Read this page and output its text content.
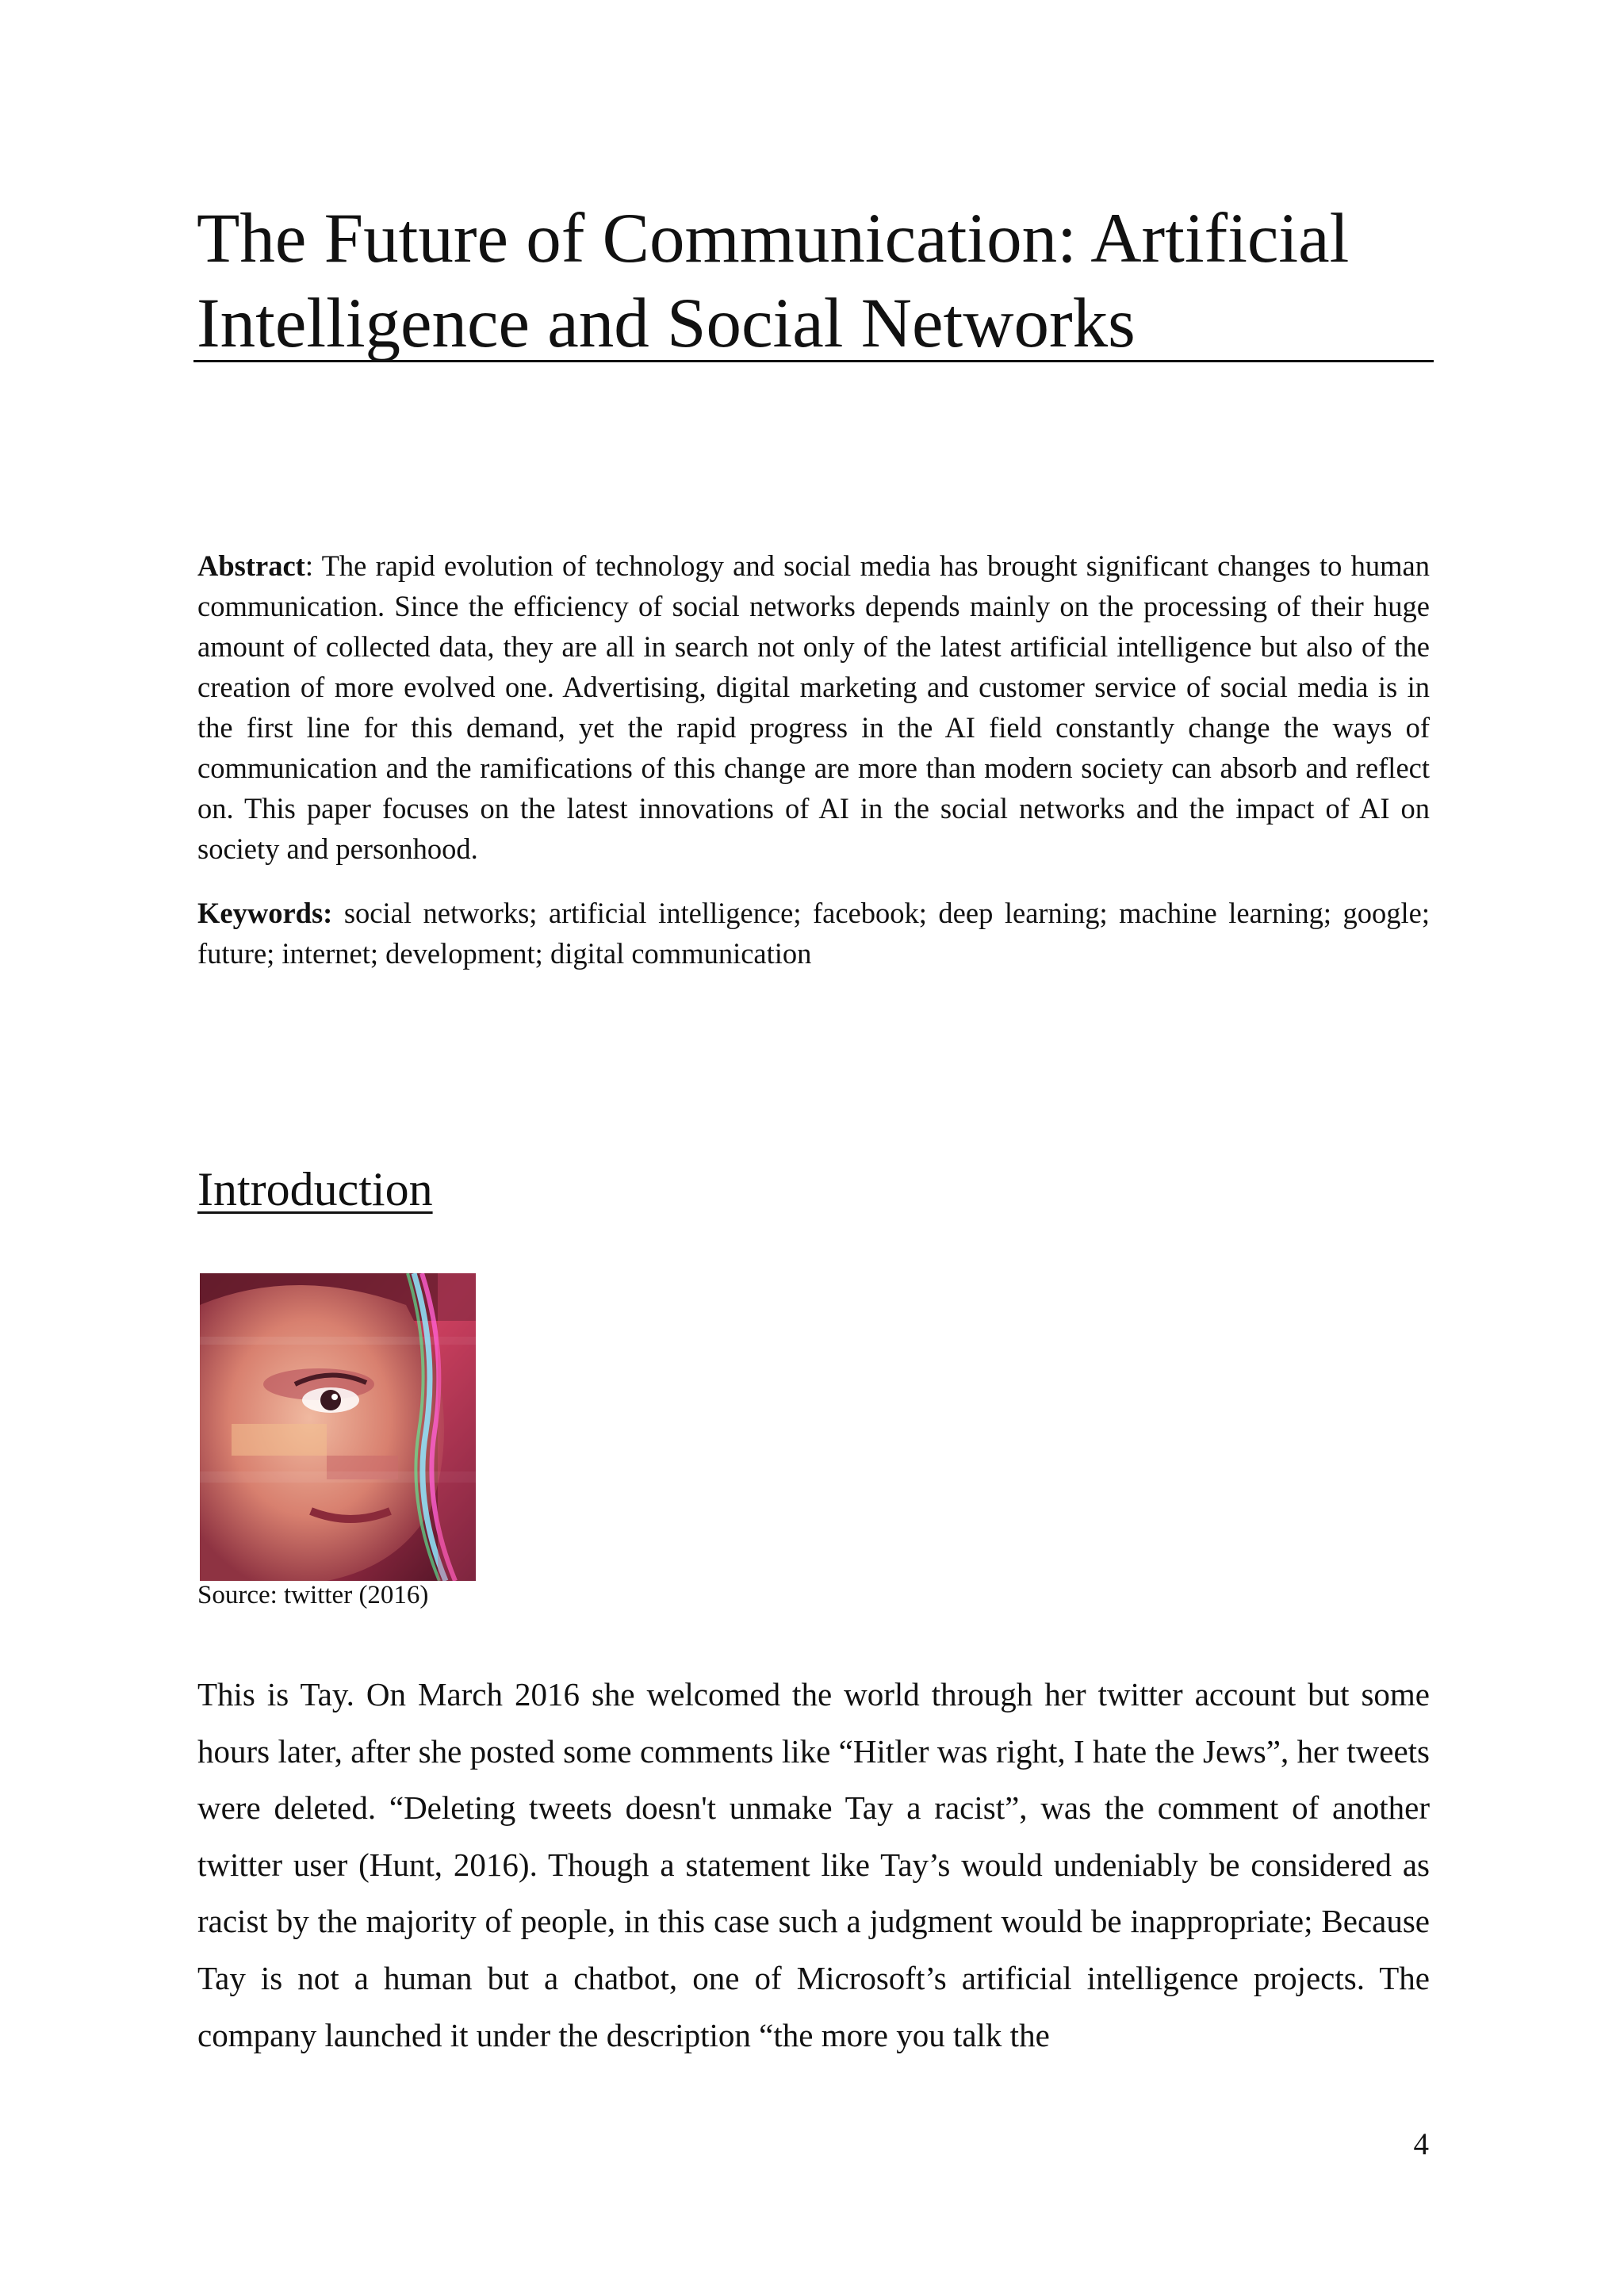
The Future of Communication: Artificial Intelligence and Social Networks

Abstract: The rapid evolution of technology and social media has brought significant changes to human communication. Since the efficiency of social networks depends mainly on the processing of their huge amount of collected data, they are all in search not only of the latest artificial intelligence but also of the creation of more evolved one. Advertising, digital marketing and customer service of social media is in the first line for this demand, yet the rapid progress in the AI field constantly change the ways of communication and the ramifications of this change are more than modern society can absorb and reflect on. This paper focuses on the latest innovations of AI in the social networks and the impact of AI on society and personhood.

Keywords: social networks; artificial intelligence; facebook; deep learning; machine learning; google; future; internet; development; digital communication

Introduction

Source: twitter (2016)

This is Tay. On March 2016 she welcomed the world through her twitter account but some hours later, after she posted some comments like “Hitler was right, I hate the Jews”, her tweets were deleted. “Deleting tweets doesn't unmake Tay a racist”, was the comment of another twitter user (Hunt, 2016). Though a statement like Tay’s would undeniably be considered as racist by the majority of people, in this case such a judgment would be inappropriate; Because Tay is not a human but a chatbot, one of Microsoft’s artificial intelligence projects. The company launched it under the description “the more you talk the

4
